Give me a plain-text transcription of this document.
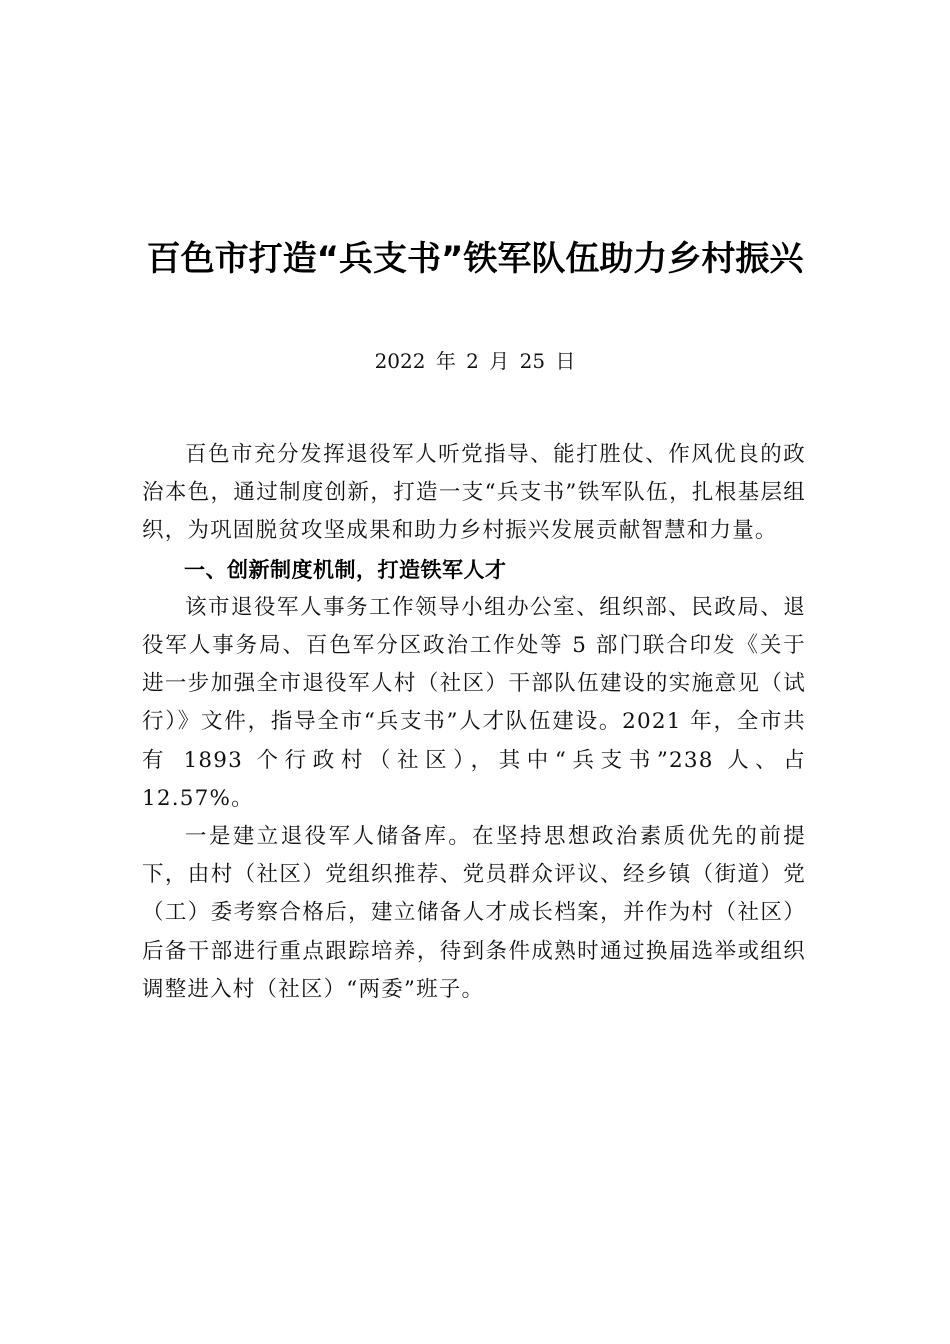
百色市打造“兵支书”铁军队伍助力乡村振兴
2022 年 2 月 25 日

百色市充分发挥退役军人听党指导、能打胜仗、作风优良的政治本色，通过制度创新，打造一支“兵支书”铁军队伍，扎根基层组织，为巩固脱贫攻坚成果和助力乡村振兴发展贡献智慧和力量。

一、创新制度机制，打造铁军人才

该市退役军人事务工作领导小组办公室、组织部、民政局、退役军人事务局、百色军分区政治工作处等 5 部门联合印发《关于进一步加强全市退役军人村（社区）干部队伍建设的实施意见（试行）》文件，指导全市“兵支书”人才队伍建设。2021 年，全市共有 1893 个行政村（社区），其中“兵支书”238 人、占 12.57%。

一是建立退役军人储备库。在坚持思想政治素质优先的前提下，由村（社区）党组织推荐、党员群众评议、经乡镇（街道）党（工）委考察合格后，建立储备人才成长档案，并作为村（社区）后备干部进行重点跟踪培养，待到条件成熟时通过换届选举或组织调整进入村（社区）“两委”班子。
